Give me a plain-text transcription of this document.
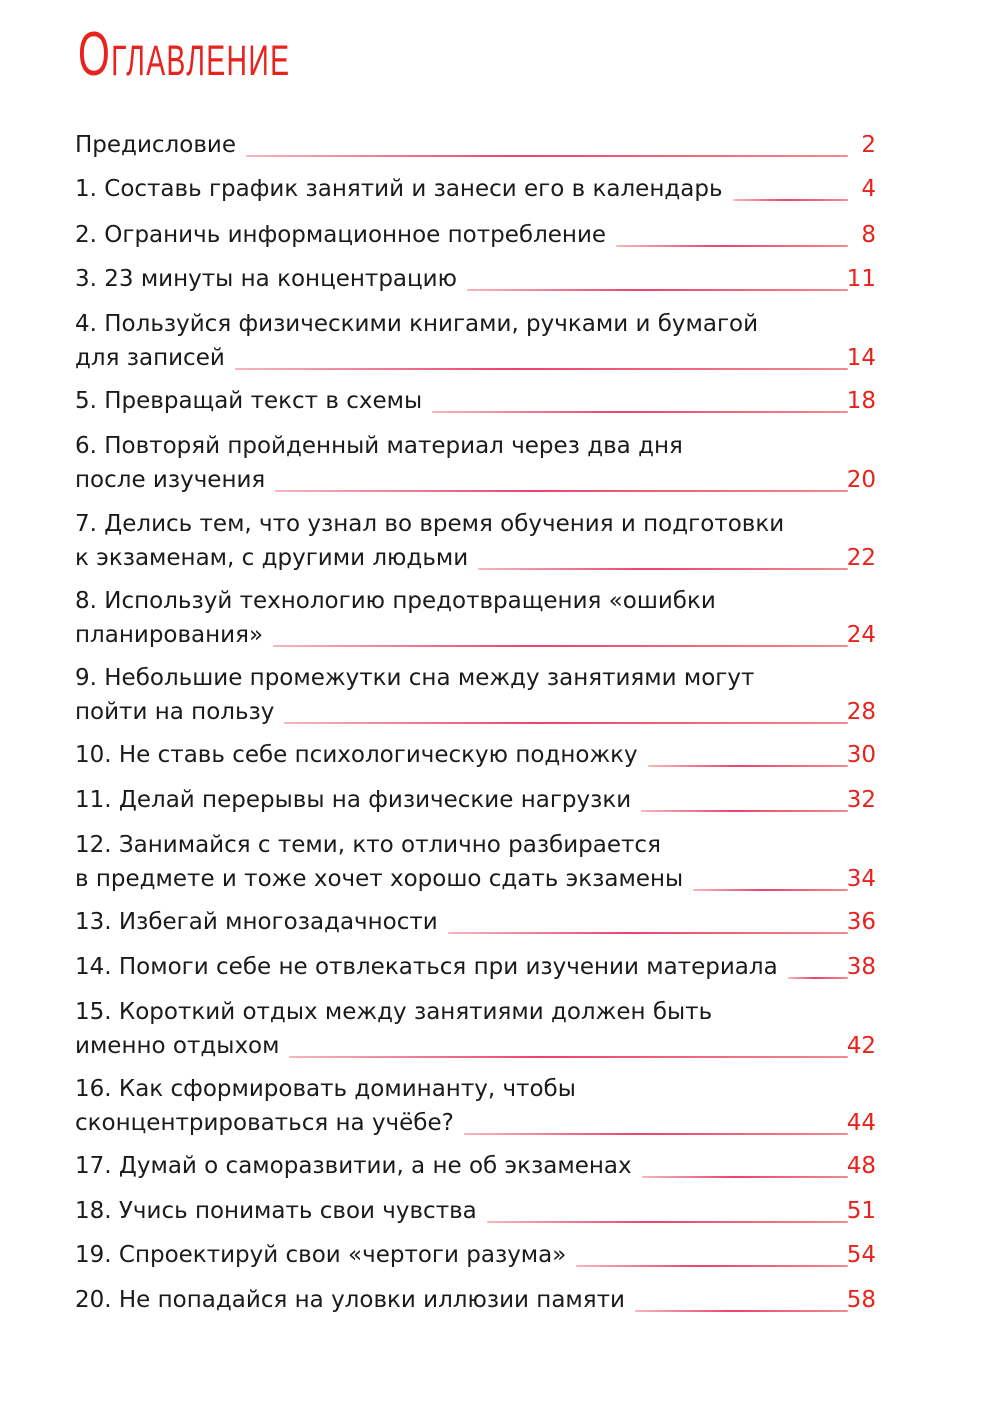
Оглавление
Предисловие	2
1. Составь график занятий и занеси его в календарь	4
2. Ограничь информационное потребление	8
3. 23 минуты на концентрацию	11
4. Пользуйся физическими книгами, ручками и бумагой
для записей	14
5. Превращай текст в схемы	18
6. Повторяй пройденный материал через два дня
после изучения	20
7. Делись тем, что узнал во время обучения и подготовки
к экзаменам, с другими людьми	22
8. Используй технологию предотвращения «ошибки
планирования»	24
9. Небольшие промежутки сна между занятиями могут
пойти на пользу	28
10. Не ставь себе психологическую подножку	30
11. Делай перерывы на физические нагрузки	32
12. Занимайся с теми, кто отлично разбирается
в предмете и тоже хочет хорошо сдать экзамены	34
13. Избегай многозадачности	36
14. Помоги себе не отвлекаться при изучении материала	38
15. Короткий отдых между занятиями должен быть
именно отдыхом	42
16. Как сформировать доминанту, чтобы
сконцентрироваться на учёбе?	44
17. Думай о саморазвитии, а не об экзаменах	48
18. Учись понимать свои чувства	51
19. Спроектируй свои «чертоги разума»	54
20. Не попадайся на уловки иллюзии памяти	58
